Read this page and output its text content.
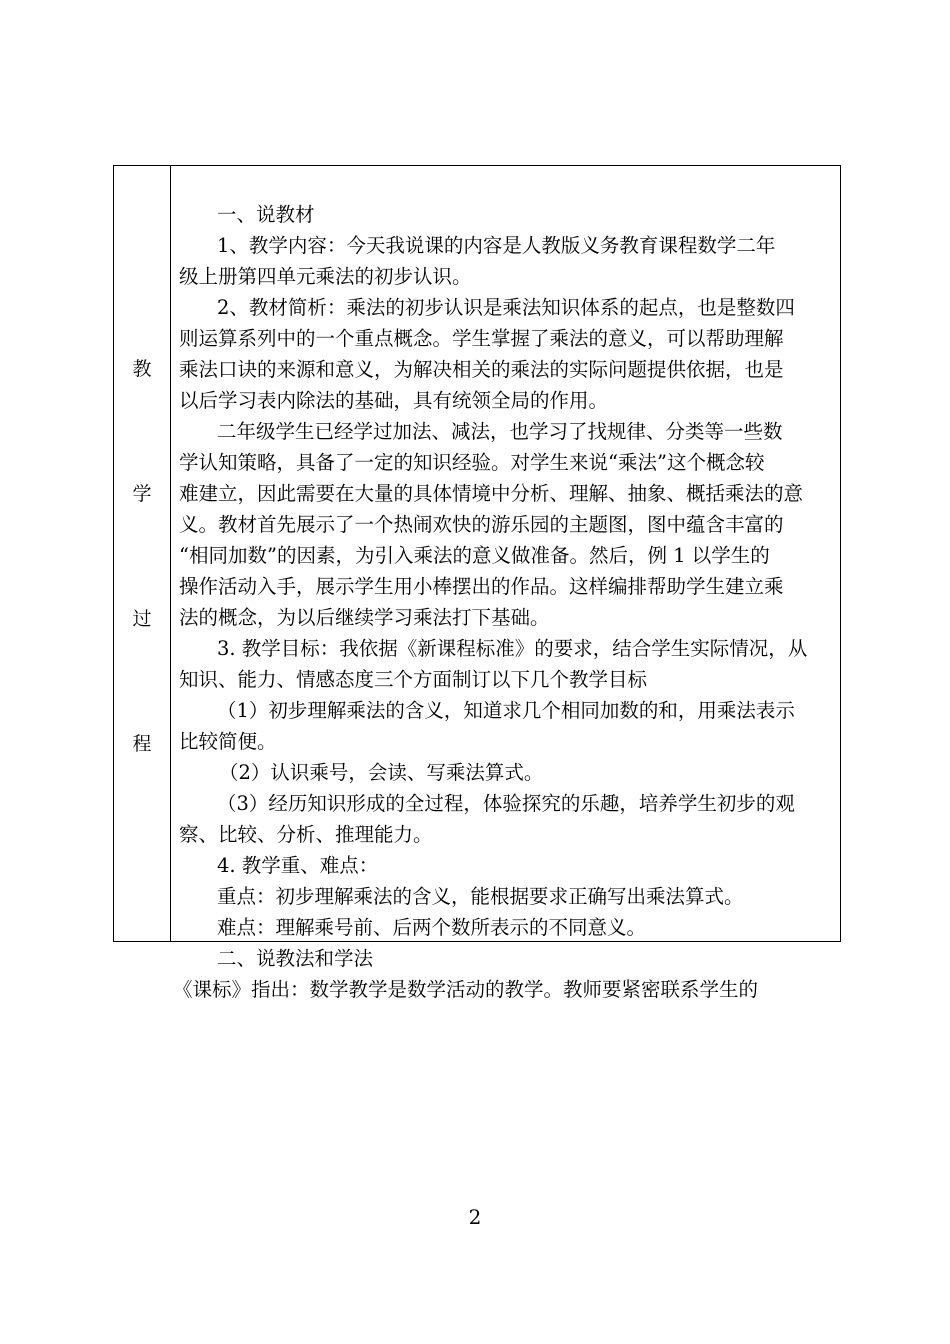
教
学
过
程
一、说教材
1、教学内容：今天我说课的内容是人教版义务教育课程数学二年
级上册第四单元乘法的初步认识。
2、教材简析：乘法的初步认识是乘法知识体系的起点，也是整数四
则运算系列中的一个重点概念。学生掌握了乘法的意义，可以帮助理解
乘法口诀的来源和意义，为解决相关的乘法的实际问题提供依据，也是
以后学习表内除法的基础，具有统领全局的作用。
二年级学生已经学过加法、减法，也学习了找规律、分类等一些数
学认知策略，具备了一定的知识经验。对学生来说“乘法”这个概念较
难建立，因此需要在大量的具体情境中分析、理解、抽象、概括乘法的意
义。教材首先展示了一个热闹欢快的游乐园的主题图，图中蕴含丰富的
“相同加数”的因素，为引入乘法的意义做准备。然后，例 1 以学生的
操作活动入手，展示学生用小棒摆出的作品。这样编排帮助学生建立乘
法的概念，为以后继续学习乘法打下基础。
3. 教学目标：我依据《新课程标准》的要求，结合学生实际情况，从
知识、能力、情感态度三个方面制订以下几个教学目标
（1）初步理解乘法的含义，知道求几个相同加数的和，用乘法表示
比较简便。
（2）认识乘号，会读、写乘法算式。
（3）经历知识形成的全过程，体验探究的乐趣，培养学生初步的观
察、比较、分析、推理能力。
4. 教学重、难点：
重点：初步理解乘法的含义，能根据要求正确写出乘法算式。
难点：理解乘号前、后两个数所表示的不同意义。
二、说教法和学法
《课标》指出：数学教学是数学活动的教学。教师要紧密联系学生的
2
